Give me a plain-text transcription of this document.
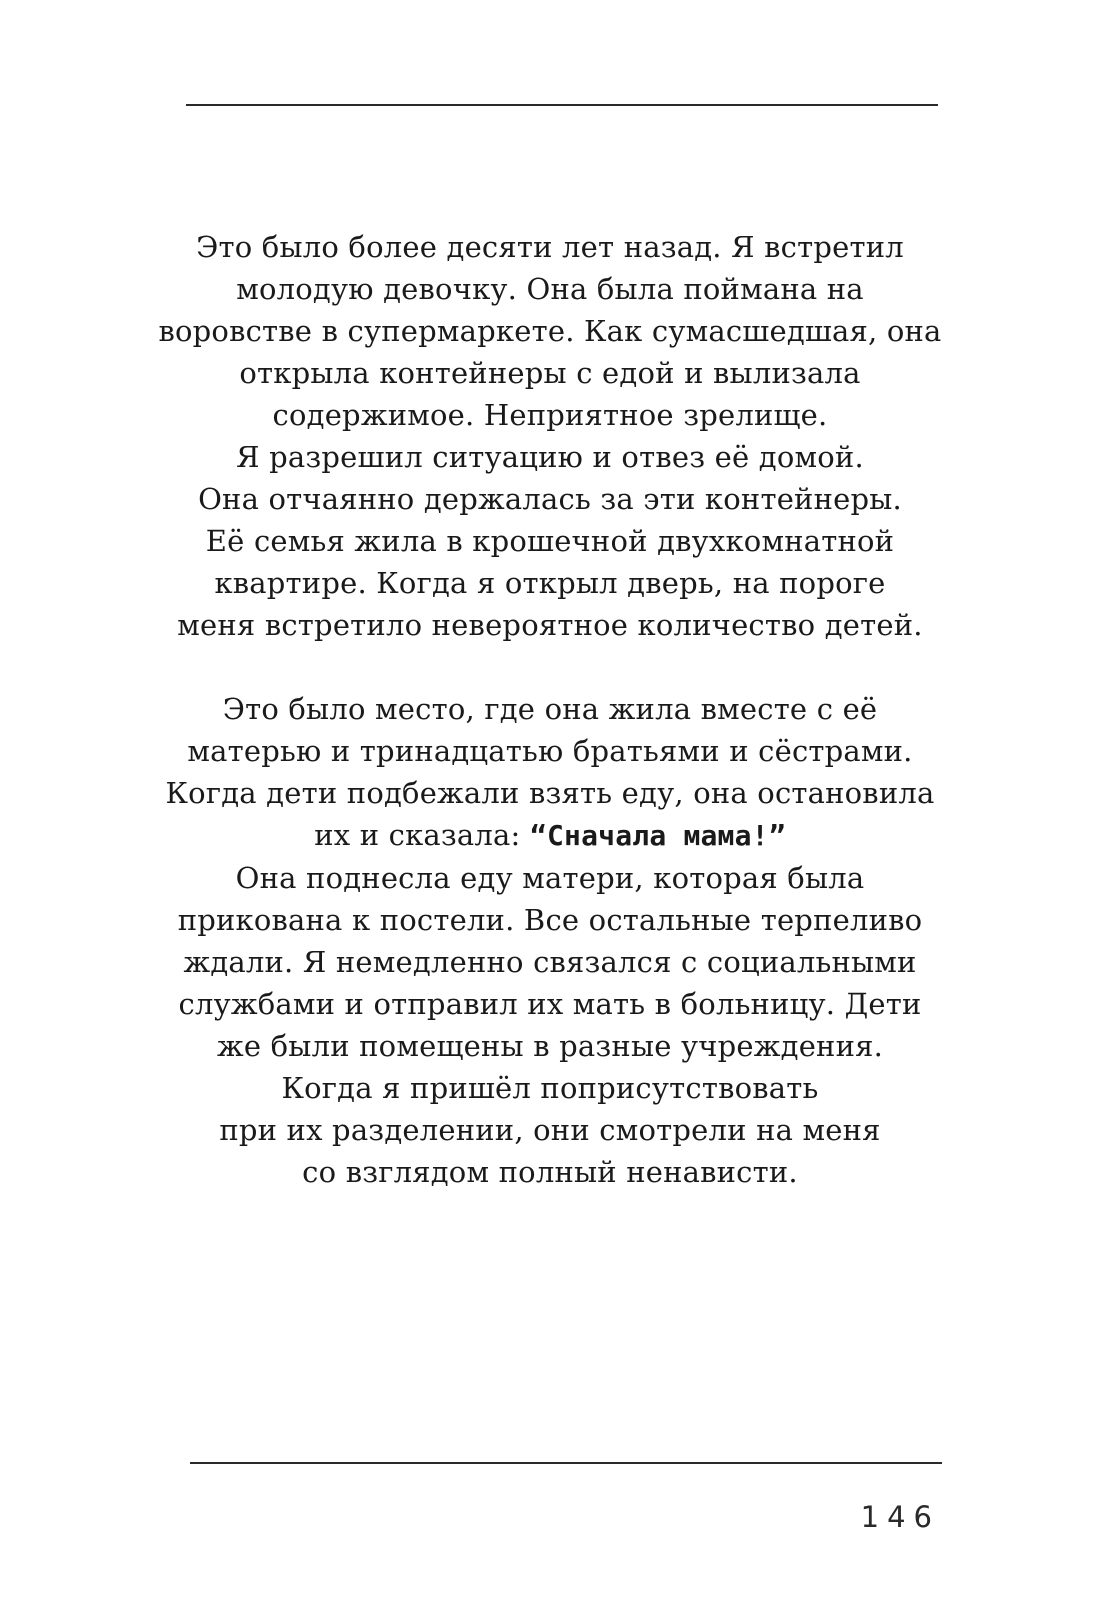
Это было более десяти лет назад. Я встретил
молодую девочку. Она была поймана на
воровстве в супермаркете. Как сумасшедшая, она
открыла контейнеры с едой и вылизала
содержимое. Неприятное зрелище.
Я разрешил ситуацию и отвез её домой.
Она отчаянно держалась за эти контейнеры.
Её семья жила в крошечной двухкомнатной
квартире. Когда я открыл дверь, на пороге
меня встретило невероятное количество детей.
Это было место, где она жила вместе с её
матерью и тринадцатью братьями и сёстрами.
Когда дети подбежали взять еду, она остановила
их и сказала: “Сначала мама!”
Она поднесла еду матери, которая была
прикована к постели. Все остальные терпеливо
ждали. Я немедленно связался с социальными
службами и отправил их мать в больницу. Дети
же были помещены в разные учреждения.
Когда я пришёл поприсутствовать
при их разделении, они смотрели на меня
со взглядом полный ненависти.
146
